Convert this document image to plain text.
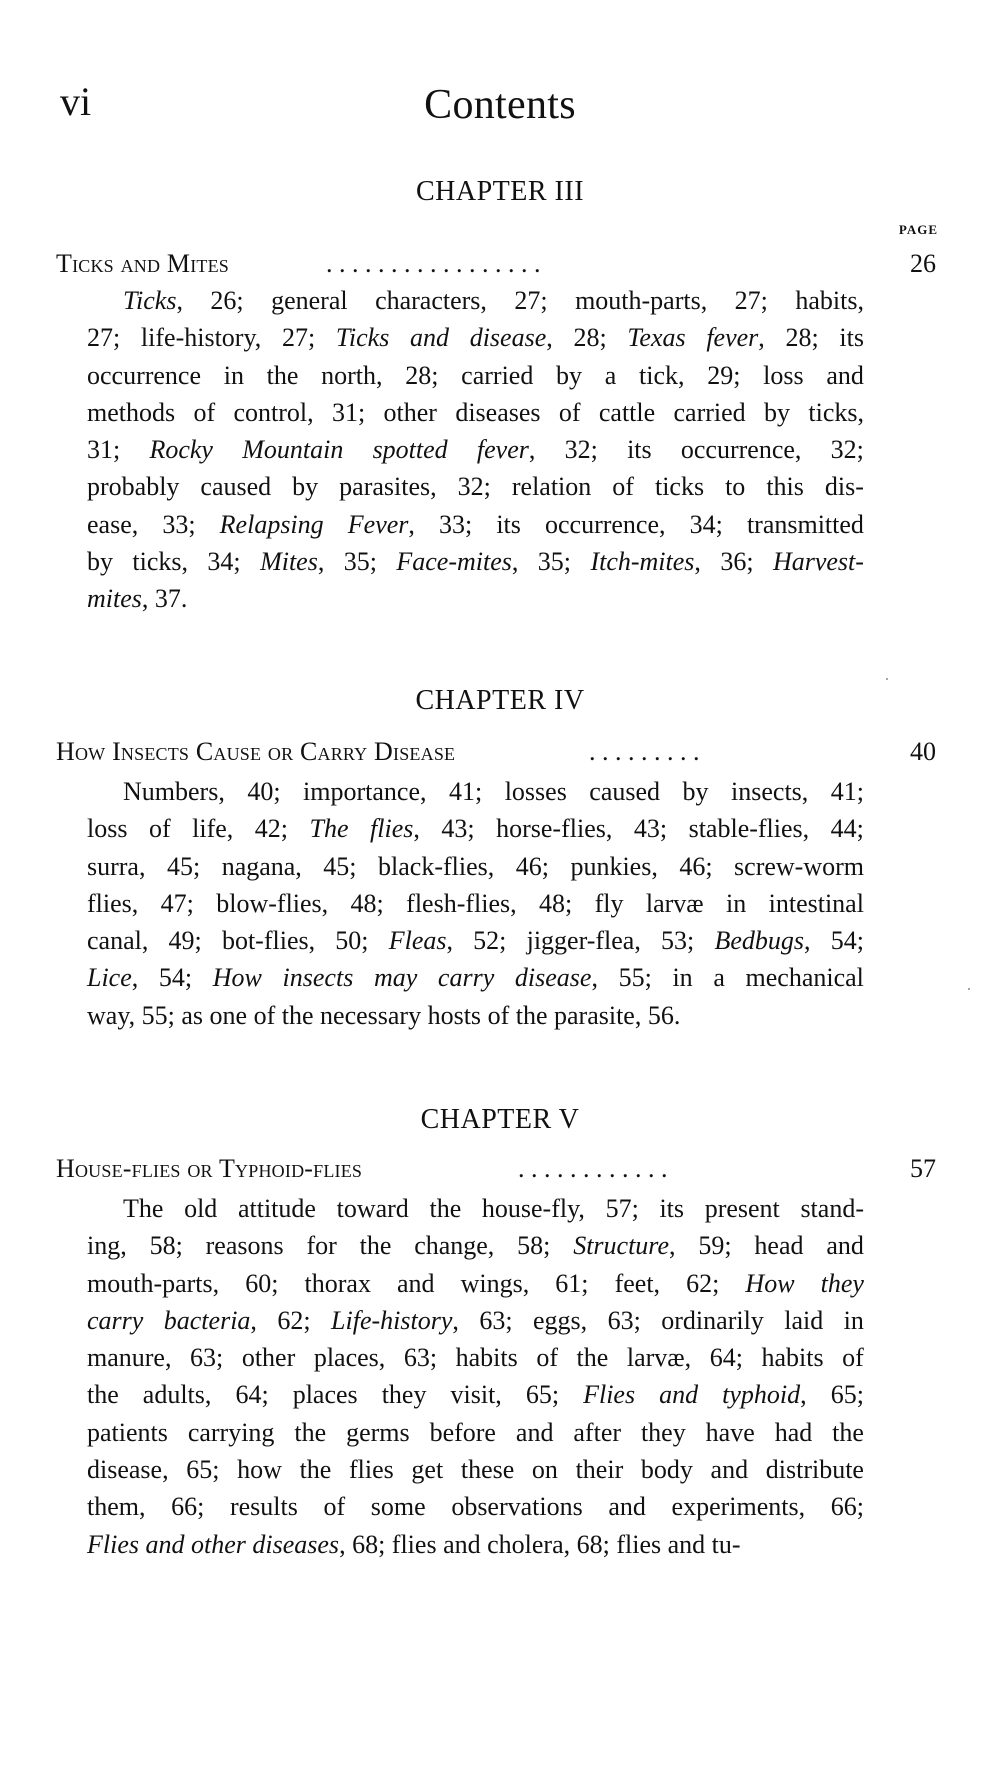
vi	Contents
CHAPTER III
PAGE
Ticks and Mites	. . . . . . . . . . . . . . . . .	26
Ticks, 26; general characters, 27; mouth-parts, 27; habits,
27; life-history, 27; Ticks and disease, 28; Texas fever, 28; its
occurrence in the north, 28; carried by a tick, 29; loss and
methods of control, 31; other diseases of cattle carried by ticks,
31; Rocky Mountain spotted fever, 32; its occurrence, 32;
probably caused by parasites, 32; relation of ticks to this dis-
ease, 33; Relapsing Fever, 33; its occurrence, 34; transmitted
by ticks, 34; Mites, 35; Face-mites, 35; Itch-mites, 36; Harvest-
mites, 37.
CHAPTER IV
How Insects Cause or Carry Disease	. . . . . . . . .	40
Numbers, 40; importance, 41; losses caused by insects, 41;
loss of life, 42; The flies, 43; horse-flies, 43; stable-flies, 44;
surra, 45; nagana, 45; black-flies, 46; punkies, 46; screw-worm
flies, 47; blow-flies, 48; flesh-flies, 48; fly larvæ in intestinal
canal, 49; bot-flies, 50; Fleas, 52; jigger-flea, 53; Bedbugs, 54;
Lice, 54; How insects may carry disease, 55; in a mechanical
way, 55; as one of the necessary hosts of the parasite, 56.
CHAPTER V
House-flies or Typhoid-flies	. . . . . . . . . . . .	57
The old attitude toward the house-fly, 57; its present stand-
ing, 58; reasons for the change, 58; Structure, 59; head and
mouth-parts, 60; thorax and wings, 61; feet, 62; How they
carry bacteria, 62; Life-history, 63; eggs, 63; ordinarily laid in
manure, 63; other places, 63; habits of the larvæ, 64; habits of
the adults, 64; places they visit, 65; Flies and typhoid, 65;
patients carrying the germs before and after they have had the
disease, 65; how the flies get these on their body and distribute
them, 66; results of some observations and experiments, 66;
Flies and other diseases, 68; flies and cholera, 68; flies and tu-
